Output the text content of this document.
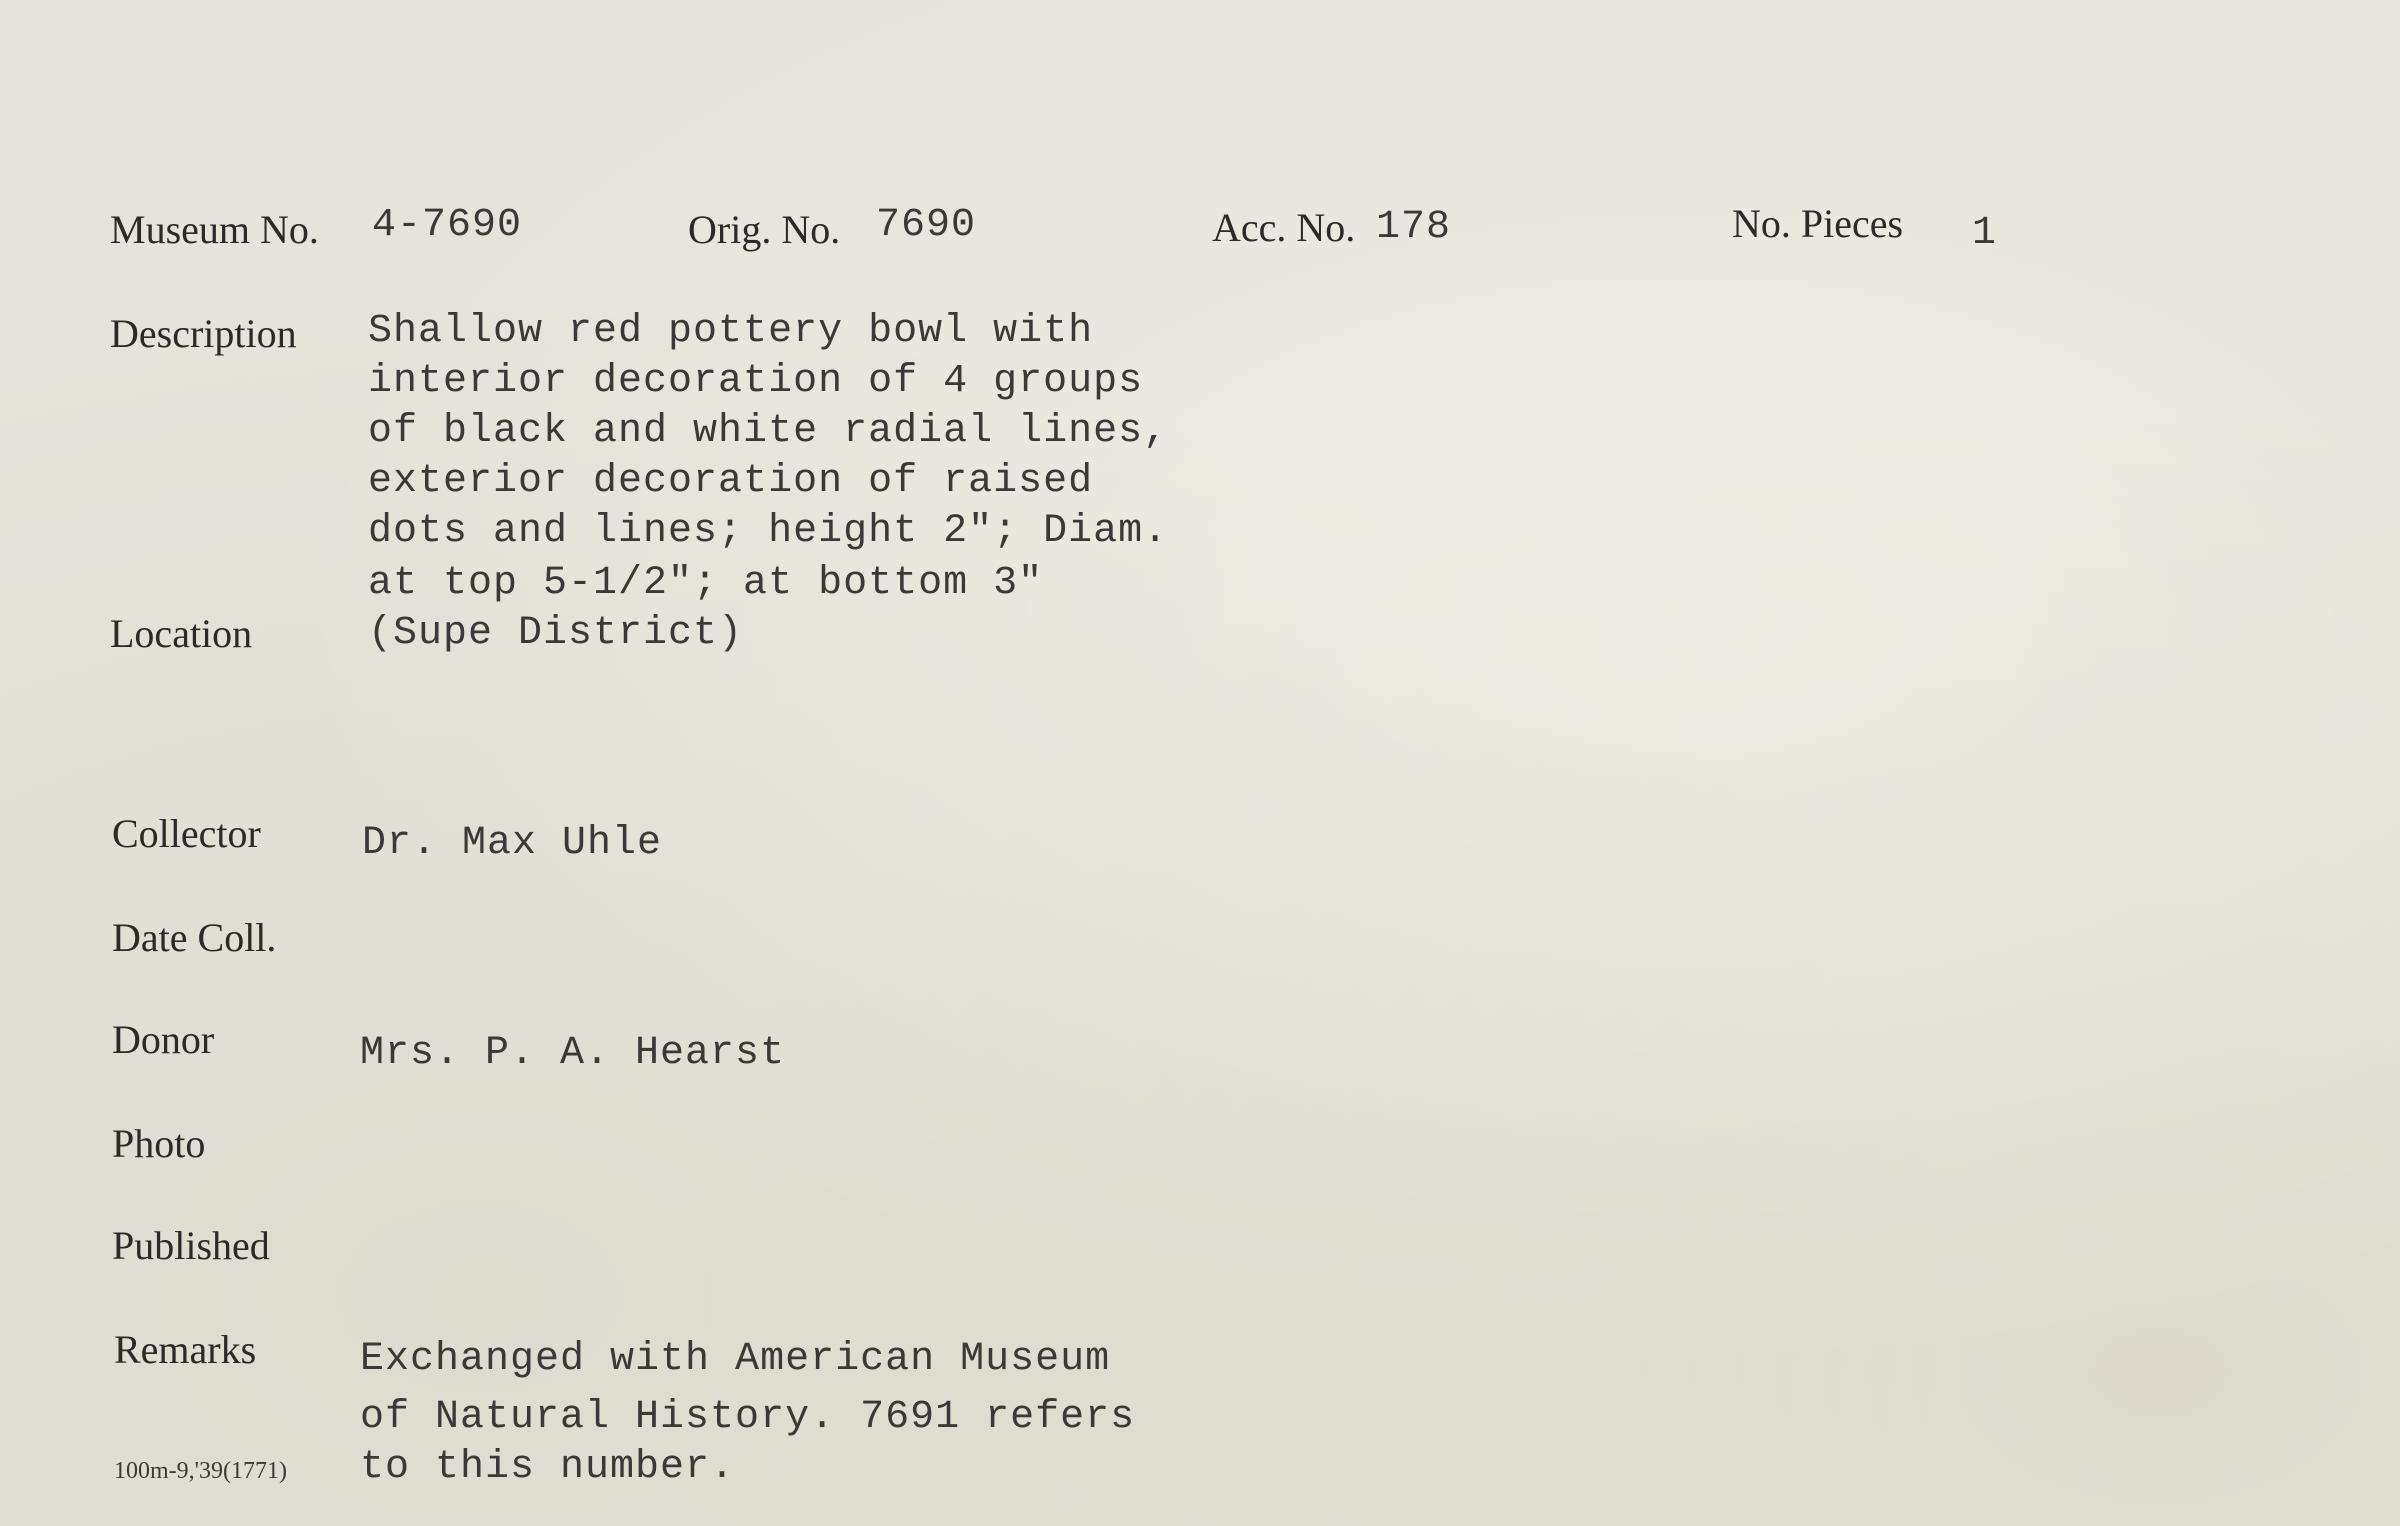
Museum No. 4-7690	Orig. No. 7690	Acc. No. 178	No. Pieces 1
Description Shallow red pottery bowl with
interior decoration of 4 groups
of black and white radial lines,
exterior decoration of raised
dots and lines; height 2"; Diam.
at top 5-1/2"; at bottom 3"
(Supe District)
Location
Collector	Dr. Max Uhle
Date Coll.
Donor	Mrs. P. A. Hearst
Photo
Published
Remarks	Exchanged with American Museum
of Natural History. 7691 refers
to this number.
100m-9,'39(1771)
